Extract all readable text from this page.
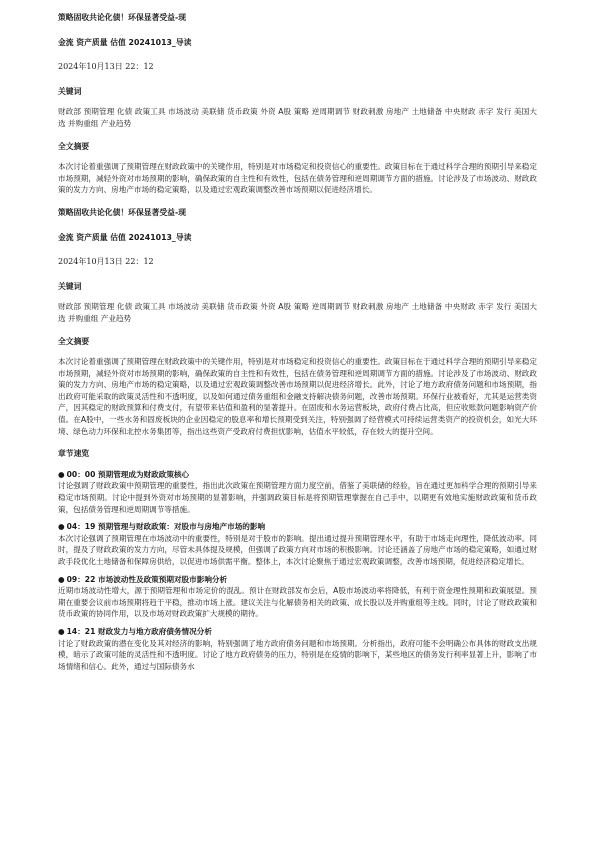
策略固收共论化债！环保显著受益-现

金流 资产质量 估值 20241013_导读

2024年10月13日 22：12

关键词

财政部 预期管理 化债 政策工具 市场波动 美联储 货币政策 外资 A股 策略 逆周期调节 财政刺激 房地产 土地储备 中央财政 赤字 发行 美国大选 并购重组 产业趋势

全文摘要

本次讨论着重强调了预期管理在财政政策中的关键作用，特别是对市场稳定和投资信心的重要性。政策目标在于通过科学合理的预期引导来稳定市场预期，减轻外资对市场预期的影响，确保政策的自主性和有效性，包括在债务管理和逆周期调节方面的措施。讨论涉及了市场波动、财政政策的发力方向、房地产市场的稳定策略，以及通过宏观政策调整改善市场预期以促进经济增长。

策略固收共论化债！环保显著受益-现

金流 资产质量 估值 20241013_导读

2024年10月13日 22：12

关键词

财政部 预期管理 化债 政策工具 市场波动 美联储 货币政策 外资 A股 策略 逆周期调节 财政刺激 房地产 土地储备 中央财政 赤字 发行 美国大选 并购重组 产业趋势

全文摘要

本次讨论着重强调了预期管理在财政政策中的关键作用，特别是对市场稳定和投资信心的重要性。政策目标在于通过科学合理的预期引导来稳定市场预期，减轻外资对市场预期的影响，确保政策的自主性和有效性，包括在债务管理和逆周期调节方面的措施。讨论涉及了市场波动、财政政策的发力方向、房地产市场的稳定策略，以及通过宏观政策调整改善市场预期以促进经济增长。此外，讨论了地方政府债务问题和市场预期，指出政府可能采取的政策灵活性和不透明度，以及如何通过债务重组和金融支持解决债务问题，改善市场预期。环保行业被看好，尤其是运营类资产，因其稳定的财政预算和付费支付，有望带来估值和盈利的显著提升。在固废和水务运营板块，政府付费占比高，但应收账款问题影响资产价值。在A股中，一些水务和固废板块的企业因稳定的股息率和增长预期受到关注，特别强调了经营模式可持续运营类资产的投资机会，如光大环境、绿色动力环保和北控水务集团等，指出这些资产受政府付费担忧影响，估值水平较低，存在较大的提升空间。

章节速览

● 00：00 预期管理成为财政政策核心

讨论强调了财政政策中预期管理的重要性，指出此次政策在预期管理方面力度空前，借鉴了美联储的经验，旨在通过更加科学合理的预期引导来稳定市场预期。讨论中提到外资对市场预期的显著影响，并强调政策目标是将预期管理掌握在自己手中，以期更有效地实施财政政策和货币政策，包括债务管理和逆周期调节等措施。

● 04：19 预期管理与财政政策：对股市与房地产市场的影响

本次讨论强调了预期管理在市场波动中的重要性，特别是对于股市的影响。提出通过提升预期管理水平，有助于市场走向理性，降低波动率。同时，提及了财政政策的发力方向，尽管未具体提及规模，但强调了政策方向对市场的积极影响。讨论还涵盖了房地产市场的稳定策略，如通过财政手段优化土地储备和保障房供给，以促进市场供需平衡。整体上，本次讨论聚焦于通过宏观政策调整，改善市场预期，促进经济稳定增长。

● 09：22 市场波动性及政策预期对股市影响分析

近期市场波动性增大，源于预期管理和市场定价的混乱。预计在财政部发布会后，A股市场波动率将降低，有利于资金理性预期和政策展望。预期在重要会议前市场预期将趋于平稳，推动市场上涨。建议关注与化解债务相关的政策、成长股以及并购重组等主线。同时，讨论了财政政策和货币政策的协同作用，以及市场对财政政策扩大规模的期待。

● 14：21 财政发力与地方政府债务情况分析

讨论了财政政策的潜在变化及其对经济的影响，特别强调了地方政府债务问题和市场预期。分析指出，政府可能不会明确公布具体的财政支出规模，暗示了政策可能的灵活性和不透明度。讨论了地方政府债务的压力，特别是在疫情的影响下，某些地区的债务发行利率显著上升，影响了市场情绪和信心。此外，通过与国际债务水
